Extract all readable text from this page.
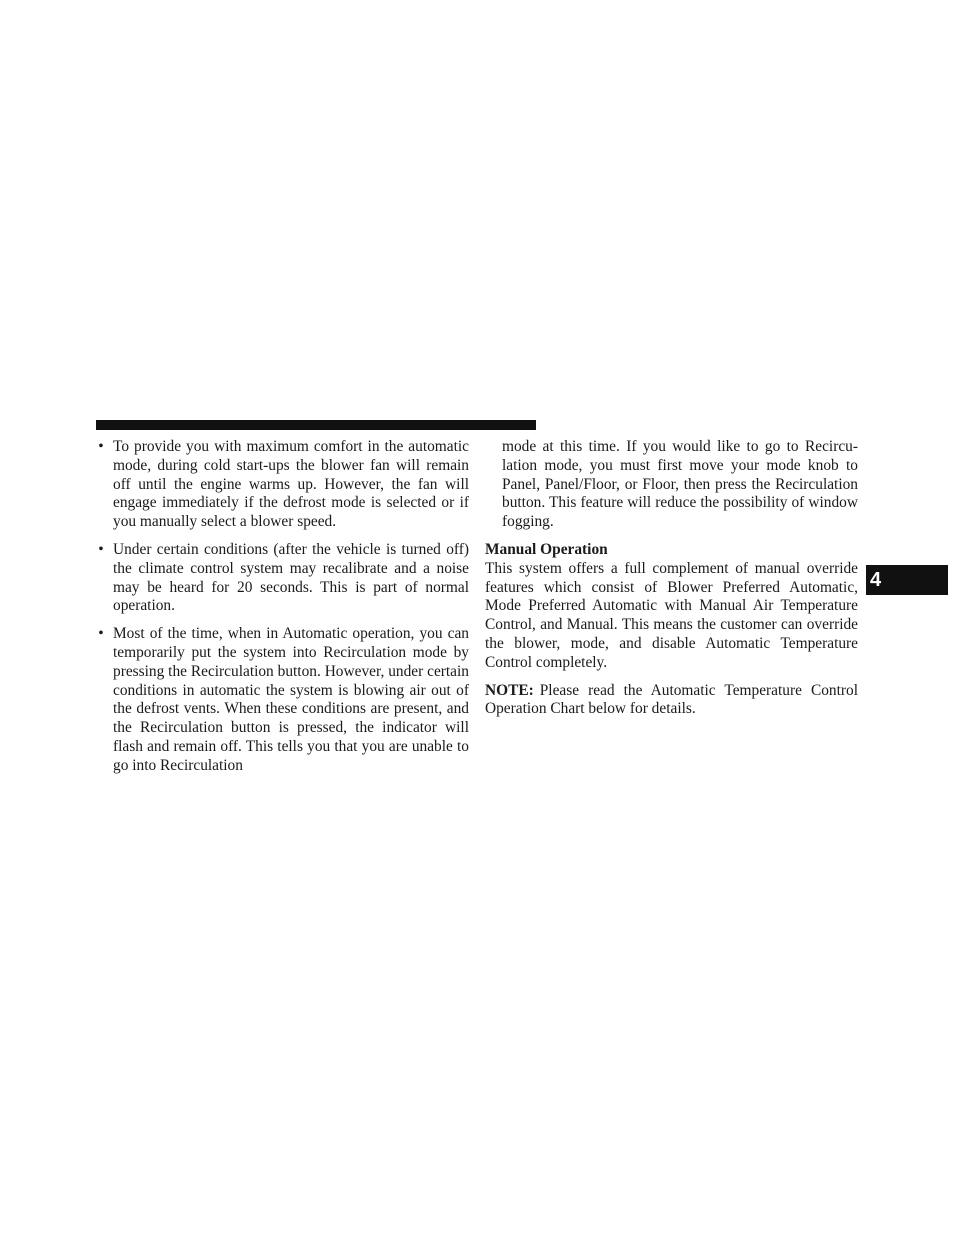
• To provide you with maximum comfort in the automatic mode, during cold start-ups the blower fan will remain off until the engine warms up. However, the fan will engage immediately if the defrost mode is selected or if you manually select a blower speed.
• Under certain conditions (after the vehicle is turned off) the climate control system may recalibrate and a noise may be heard for 20 seconds. This is part of normal operation.
• Most of the time, when in Automatic operation, you can temporarily put the system into Recirculation mode by pressing the Recirculation button. However, under certain conditions in automatic the system is blowing air out of the defrost vents. When these conditions are present, and the Recirculation button is pressed, the indicator will flash and remain off. This tells you that you are unable to go into Recirculation

mode at this time. If you would like to go to Recirculation mode, you must first move your mode knob to Panel, Panel/Floor, or Floor, then press the Recirculation button. This feature will reduce the possibility of window fogging.

Manual Operation

This system offers a full complement of manual override features which consist of Blower Preferred Automatic, Mode Preferred Automatic with Manual Air Temperature Control, and Manual. This means the customer can override the blower, mode, and disable Automatic Temperature Control completely.

NOTE: Please read the Automatic Temperature Control Operation Chart below for details.

4
